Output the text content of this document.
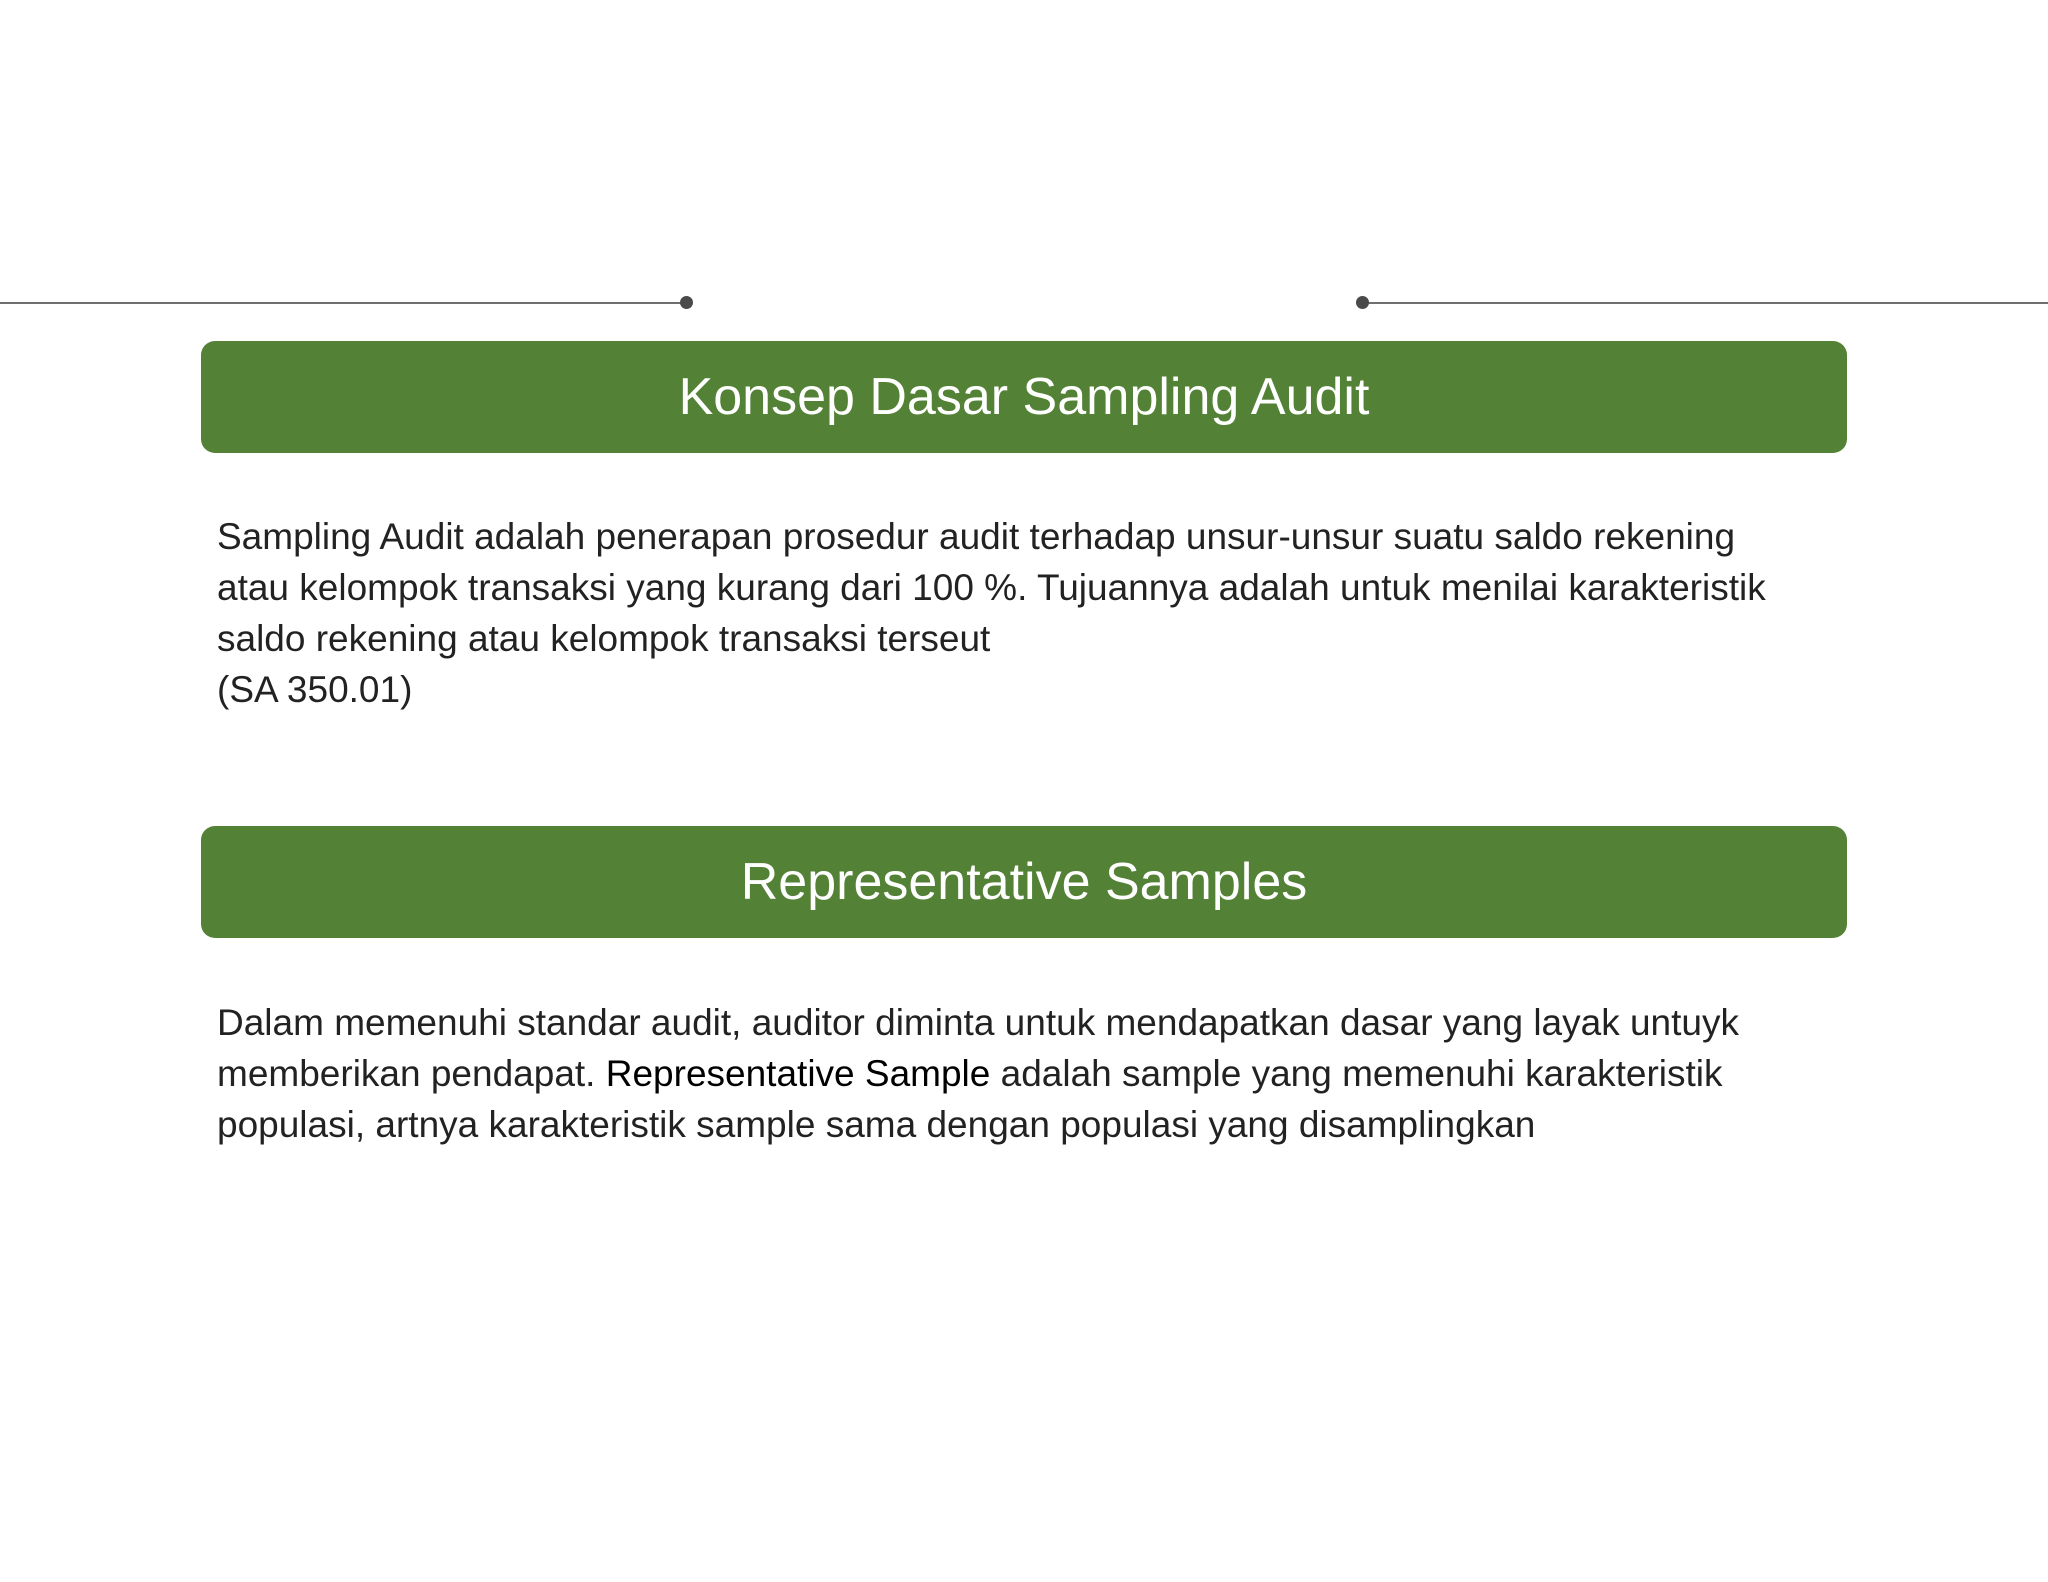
Konsep Dasar Sampling Audit

Sampling Audit adalah penerapan prosedur audit terhadap unsur-unsur suatu saldo rekening
atau kelompok transaksi yang kurang dari 100 %. Tujuannya adalah untuk menilai karakteristik
saldo rekening atau kelompok transaksi terseut
(SA 350.01)

Representative Samples

Dalam memenuhi standar audit, auditor diminta untuk mendapatkan dasar yang layak untuyk
memberikan pendapat. Representative Sample adalah sample yang memenuhi karakteristik
populasi, artnya karakteristik sample sama dengan populasi yang disamplingkan
